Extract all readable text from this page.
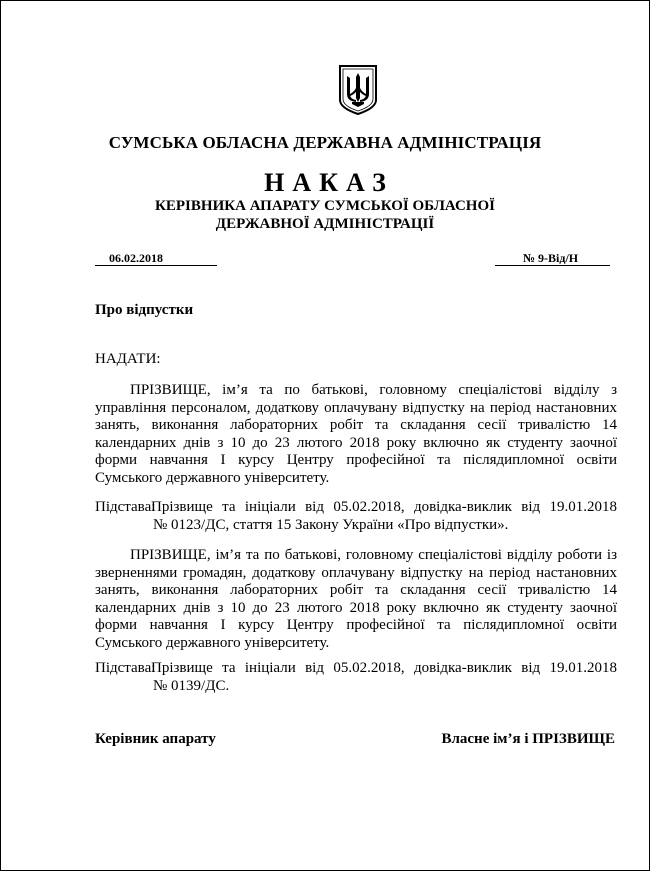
СУМСЬКА ОБЛАСНА ДЕРЖАВНА АДМІНІСТРАЦІЯ
НАКАЗ
КЕРІВНИКА АПАРАТУ СУМСЬКОЇ ОБЛАСНОЇ
ДЕРЖАВНОЇ АДМІНІСТРАЦІЇ
06.02.2018	№ 9-Від/Н
Про відпустки
НАДАТИ:

ПРІЗВИЩЕ, ім’я та по батькові, головному спеціалістові відділу з управління персоналом, додаткову оплачувану відпустку на період настановних занять, виконання лабораторних робіт та складання сесії тривалістю 14 календарних днів з 10 до 23 лютого 2018 року включно як студенту заочної форми навчання І курсу Центру професійної та післядипломної освіти Сумського державного університету.

Підстава:
Прізвище та ініціали від 05.02.2018, довідка-виклик від 19.01.2018
№ 0123/ДС, стаття 15 Закону України «Про відпустки».

ПРІЗВИЩЕ, ім’я та по батькові, головному спеціалістові відділу роботи із зверненнями громадян, додаткову оплачувану відпустку на період настановних занять, виконання лабораторних робіт та складання сесії тривалістю 14 календарних днів з 10 до 23 лютого 2018 року включно як студенту заочної форми навчання І курсу Центру професійної та післядипломної освіти Сумського державного університету.

Підстава:
Прізвище та ініціали від 05.02.2018, довідка-виклик від 19.01.2018
№ 0139/ДС.
Керівник апарату	Власне ім’я і ПРІЗВИЩЕ
